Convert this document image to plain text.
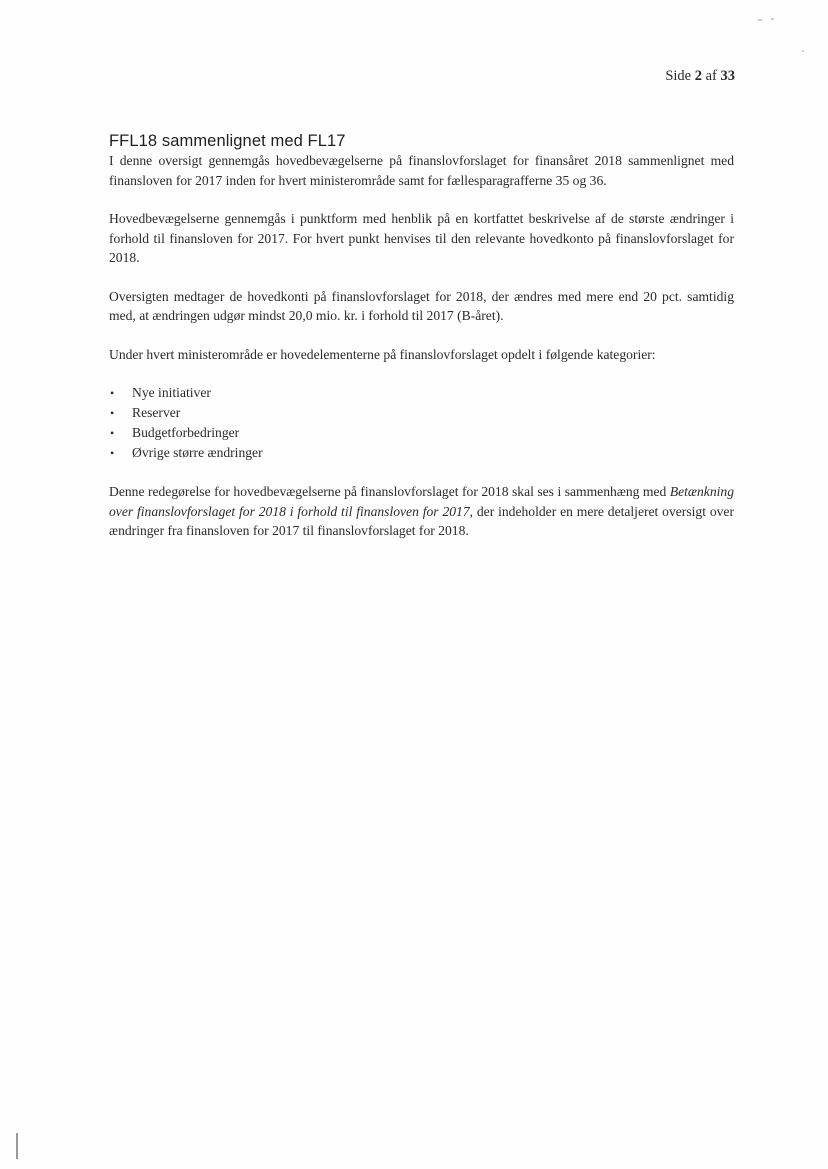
Side 2 af 33
FFL18 sammenlignet med FL17

I denne oversigt gennemgås hovedbevægelserne på finanslovforslaget for finansåret 2018 sammenlignet med finansloven for 2017 inden for hvert ministerområde samt for fællesparagrafferne 35 og 36.

Hovedbevægelserne gennemgås i punktform med henblik på en kortfattet beskrivelse af de største ændringer i forhold til finansloven for 2017. For hvert punkt henvises til den relevante hovedkonto på finanslovforslaget for 2018.

Oversigten medtager de hovedkonti på finanslovforslaget for 2018, der ændres med mere end 20 pct. samtidig med, at ændringen udgør mindst 20,0 mio. kr. i forhold til 2017 (B-året).

Under hvert ministerområde er hovedelementerne på finanslovforslaget opdelt i følgende kategorier:

• Nye initiativer
• Reserver
• Budgetforbedringer
• Øvrige større ændringer

Denne redegørelse for hovedbevægelserne på finanslovforslaget for 2018 skal ses i sammenhæng med Betænkning over finanslovforslaget for 2018 i forhold til finansloven for 2017, der indeholder en mere detaljeret oversigt over ændringer fra finansloven for 2017 til finanslovforslaget for 2018.
